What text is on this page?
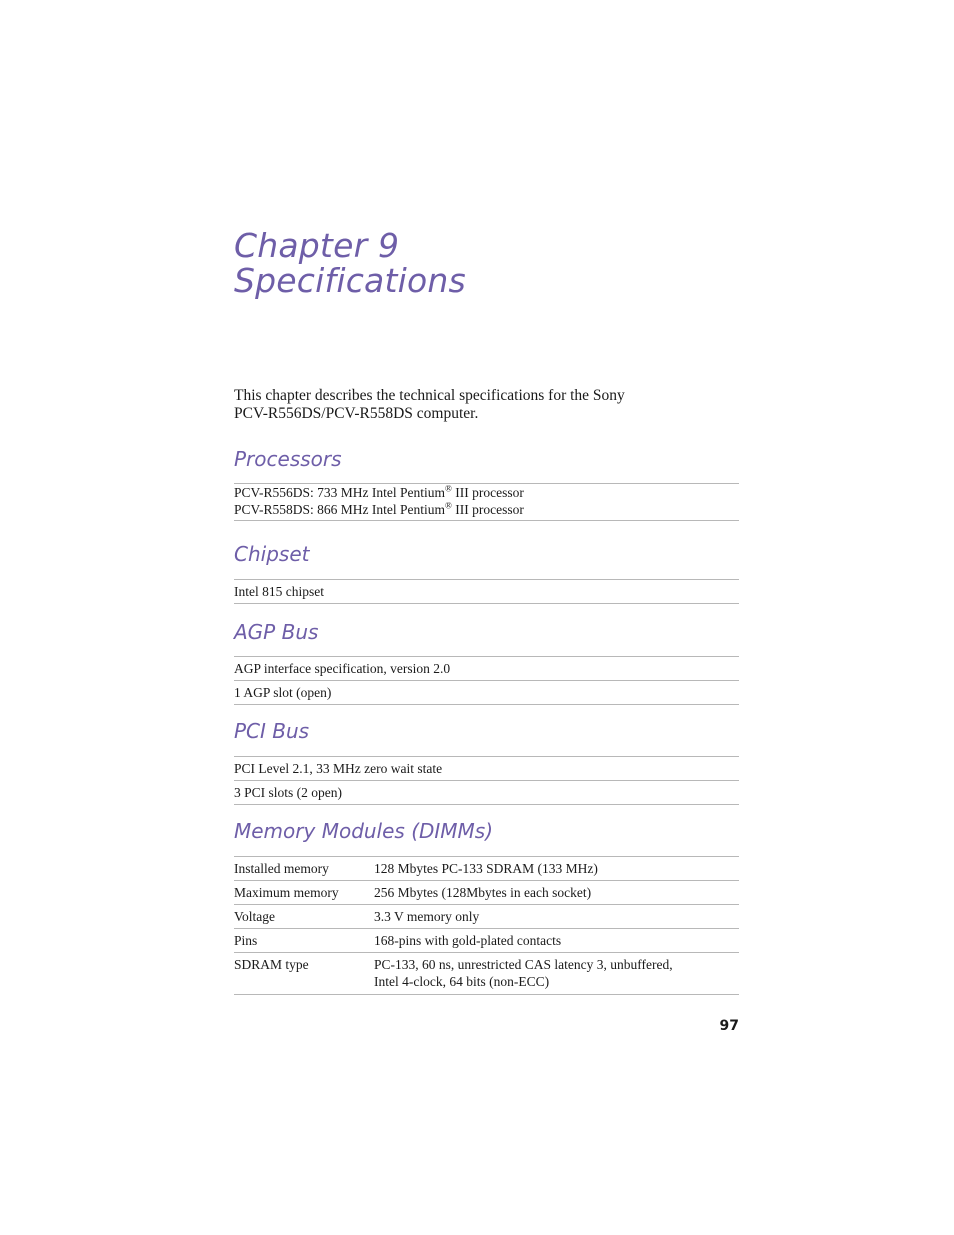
Chapter 9
Specifications

This chapter describes the technical specifications for the Sony
PCV-R556DS/PCV-R558DS computer.

Processors
PCV-R556DS: 733 MHz Intel Pentium® III processor
PCV-R558DS: 866 MHz Intel Pentium® III processor
Chipset
Intel 815 chipset
AGP Bus
AGP interface specification, version 2.0
1 AGP slot (open)
PCI Bus
PCI Level 2.1, 33 MHz zero wait state
3 PCI slots (2 open)
Memory Modules (DIMMs)
Installed memory	128 Mbytes PC-133 SDRAM (133 MHz)
Maximum memory	256 Mbytes (128Mbytes in each socket)
Voltage	3.3 V memory only
Pins	168-pins with gold-plated contacts
SDRAM type	PC-133, 60 ns, unrestricted CAS latency 3, unbuffered,
Intel 4-clock, 64 bits (non-ECC)
97
